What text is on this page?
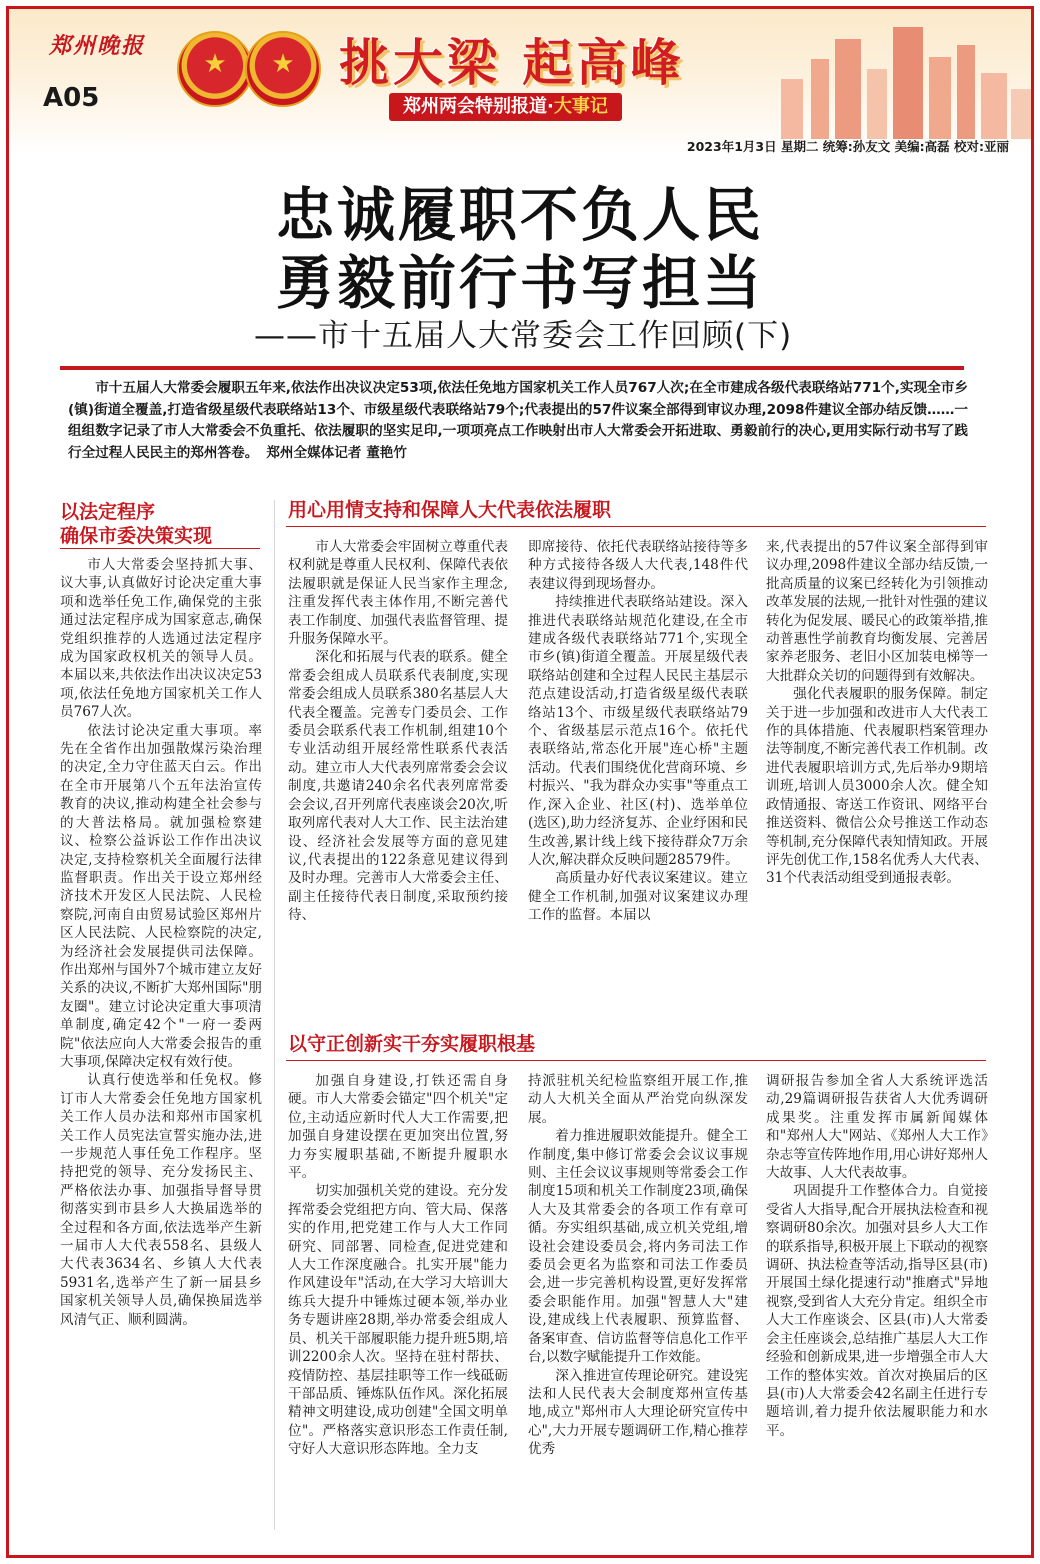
郑州晚报
A05
★
★
挑大梁 起高峰
郑州两会特别报道·大事记
2023年1月3日 星期二 统筹:孙友文 美编:高磊 校对:亚丽
忠诚履职不负人民
勇毅前行书写担当
——市十五届人大常委会工作回顾(下)
市十五届人大常委会履职五年来,依法作出决议决定53项,依法任免地方国家机关工作人员767人次;在全市建成各级代表联络站771个,实现全市乡(镇)街道全覆盖,打造省级星级代表联络站13个、市级星级代表联络站79个;代表提出的57件议案全部得到审议办理,2098件建议全部办结反馈……一组组数字记录了市人大常委会不负重托、依法履职的坚实足印,一项项亮点工作映射出市人大常委会开拓进取、勇毅前行的决心,更用实际行动书写了践行全过程人民民主的郑州答卷。 郑州全媒体记者 董艳竹
以法定程序
确保市委决策实现

市人大常委会坚持抓大事、议大事,认真做好讨论决定重大事项和选举任免工作,确保党的主张通过法定程序成为国家意志,确保党组织推荐的人选通过法定程序成为国家政权机关的领导人员。本届以来,共依法作出决议决定53项,依法任免地方国家机关工作人员767人次。

依法讨论决定重大事项。率先在全省作出加强散煤污染治理的决定,全力守住蓝天白云。作出在全市开展第八个五年法治宣传教育的决议,推动构建全社会参与的大普法格局。就加强检察建议、检察公益诉讼工作作出决议决定,支持检察机关全面履行法律监督职责。作出关于设立郑州经济技术开发区人民法院、人民检察院,河南自由贸易试验区郑州片区人民法院、人民检察院的决定,为经济社会发展提供司法保障。作出郑州与国外7个城市建立友好关系的决议,不断扩大郑州国际"朋友圈"。建立讨论决定重大事项清单制度,确定42个"一府一委两院"依法应向人大常委会报告的重大事项,保障决定权有效行使。

认真行使选举和任免权。修订市人大常委会任免地方国家机关工作人员办法和郑州市国家机关工作人员宪法宣誓实施办法,进一步规范人事任免工作程序。坚持把党的领导、充分发扬民主、严格依法办事、加强指导督导贯彻落实到市县乡人大换届选举的全过程和各方面,依法选举产生新一届市人大代表558名、县级人大代表3634名、乡镇人大代表5931名,选举产生了新一届县乡国家机关领导人员,确保换届选举风清气正、顺利圆满。

用心用情支持和保障人大代表依法履职

市人大常委会牢固树立尊重代表权利就是尊重人民权利、保障代表依法履职就是保证人民当家作主理念,注重发挥代表主体作用,不断完善代表工作制度、加强代表监督管理、提升服务保障水平。

深化和拓展与代表的联系。健全常委会组成人员联系代表制度,实现常委会组成人员联系380名基层人大代表全覆盖。完善专门委员会、工作委员会联系代表工作机制,组建10个专业活动组开展经常性联系代表活动。建立市人大代表列席常委会会议制度,共邀请240余名代表列席常委会会议,召开列席代表座谈会20次,听取列席代表对人大工作、民主法治建设、经济社会发展等方面的意见建议,代表提出的122条意见建议得到及时办理。完善市人大常委会主任、副主任接待代表日制度,采取预约接待、

即席接待、依托代表联络站接待等多种方式接待各级人大代表,148件代表建议得到现场督办。

持续推进代表联络站建设。深入推进代表联络站规范化建设,在全市建成各级代表联络站771个,实现全市乡(镇)街道全覆盖。开展星级代表联络站创建和全过程人民民主基层示范点建设活动,打造省级星级代表联络站13个、市级星级代表联络站79个、省级基层示范点16个。依托代表联络站,常态化开展"连心桥"主题活动。代表们围绕优化营商环境、乡村振兴、"我为群众办实事"等重点工作,深入企业、社区(村)、选举单位(选区),助力经济复苏、企业纾困和民生改善,累计线上线下接待群众7万余人次,解决群众反映问题28579件。

高质量办好代表议案建议。建立健全工作机制,加强对议案建议办理工作的监督。本届以

来,代表提出的57件议案全部得到审议办理,2098件建议全部办结反馈,一批高质量的议案已经转化为引领推动改革发展的法规,一批针对性强的建议转化为促发展、暖民心的政策举措,推动普惠性学前教育均衡发展、完善居家养老服务、老旧小区加装电梯等一大批群众关切的问题得到有效解决。

强化代表履职的服务保障。制定关于进一步加强和改进市人大代表工作的具体措施、代表履职档案管理办法等制度,不断完善代表工作机制。改进代表履职培训方式,先后举办9期培训班,培训人员3000余人次。健全知政情通报、寄送工作资讯、网络平台推送资料、微信公众号推送工作动态等机制,充分保障代表知情知政。开展评先创优工作,158名优秀人大代表、31个代表活动组受到通报表彰。

以守正创新实干夯实履职根基

加强自身建设,打铁还需自身硬。市人大常委会锚定"四个机关"定位,主动适应新时代人大工作需要,把加强自身建设摆在更加突出位置,努力夯实履职基础,不断提升履职水平。

切实加强机关党的建设。充分发挥常委会党组把方向、管大局、保落实的作用,把党建工作与人大工作同研究、同部署、同检查,促进党建和人大工作深度融合。扎实开展"能力作风建设年"活动,在大学习大培训大练兵大提升中锤炼过硬本领,举办业务专题讲座28期,举办常委会组成人员、机关干部履职能力提升班5期,培训2200余人次。坚持在驻村帮扶、疫情防控、基层挂职等工作一线砥砺干部品质、锤炼队伍作风。深化拓展精神文明建设,成功创建"全国文明单位"。严格落实意识形态工作责任制,守好人大意识形态阵地。全力支

持派驻机关纪检监察组开展工作,推动人大机关全面从严治党向纵深发展。

着力推进履职效能提升。健全工作制度,集中修订常委会会议议事规则、主任会议议事规则等常委会工作制度15项和机关工作制度23项,确保人大及其常委会的各项工作有章可循。夯实组织基础,成立机关党组,增设社会建设委员会,将内务司法工作委员会更名为监察和司法工作委员会,进一步完善机构设置,更好发挥常委会职能作用。加强"智慧人大"建设,建成线上代表履职、预算监督、备案审查、信访监督等信息化工作平台,以数字赋能提升工作效能。

深入推进宣传理论研究。建设宪法和人民代表大会制度郑州宣传基地,成立"郑州市人大理论研究宣传中心",大力开展专题调研工作,精心推荐优秀

调研报告参加全省人大系统评选活动,29篇调研报告获省人大优秀调研成果奖。注重发挥市属新闻媒体和"郑州人大"网站、《郑州人大工作》杂志等宣传阵地作用,用心讲好郑州人大故事、人大代表故事。

巩固提升工作整体合力。自觉接受省人大指导,配合开展执法检查和视察调研80余次。加强对县乡人大工作的联系指导,积极开展上下联动的视察调研、执法检查等活动,指导区县(市)开展国土绿化提速行动"推磨式"异地视察,受到省人大充分肯定。组织全市人大工作座谈会、区县(市)人大常委会主任座谈会,总结推广基层人大工作经验和创新成果,进一步增强全市人大工作的整体实效。首次对换届后的区县(市)人大常委会42名副主任进行专题培训,着力提升依法履职能力和水平。
